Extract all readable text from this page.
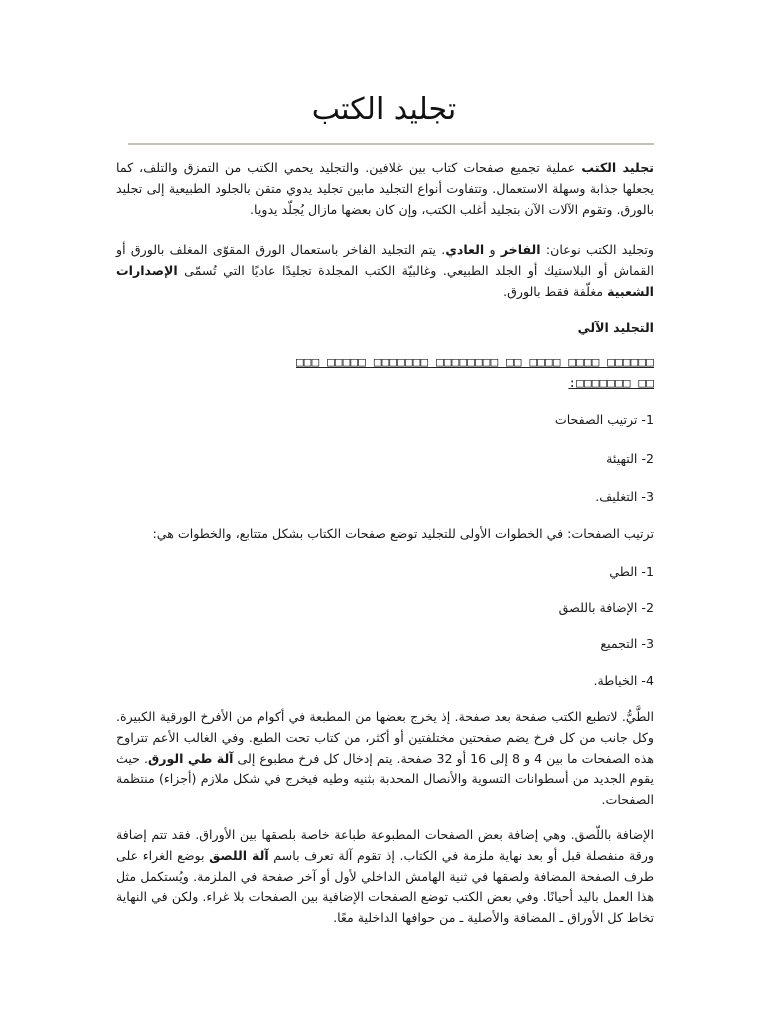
تجليد الكتب

تجليد الكتب عملية تجميع صفحات كتاب بين غلافين. والتجليد يحمي الكتب من التمزق والتلف، كما يجعلها جذابة وسهلة الاستعمال. وتتفاوت أنواع التجليد مابين تجليد يدوي متقن بالجلود الطبيعية إلى تجليد بالورق. وتقوم الآلات الآن بتجليد أغلب الكتب، وإن كان بعضها مازال يُجلّد يدويا.

وتجليد الكتب نوعان: الفاخر و العادي. يتم التجليد الفاخر باستعمال الورق المقوّى المغلف بالورق أو القماش أو البلاستيك أو الجلد الطبيعي. وغالبيّة الكتب المجلدة تجليدًا عاديًا التي تُسمّى الإصدارات الشعبية مغلّفة فقط بالورق.

التجليد الآلي
□□□□□□ □□□□ □□□□ □□ □□□□□□□□ □□□□□□□ □□□□□ □□□
□□ □□□□□□□:
1- ترتيب الصفحات
2- التهيئة
3- التغليف.
ترتيب الصفحات: في الخطوات الأولى للتجليد توضع صفحات الكتاب بشكل متتابع، والخطوات هي:
1- الطي
2- الإضافة باللصق
3- التجميع
4- الخياطة.

الطَّيُّ. لاتطبع الكتب صفحة بعد صفحة. إذ يخرج بعضها من المطبعة في أكوام من الأفرخ الورقية الكبيرة. وكل جانب من كل فرخ يضم صفحتين مختلفتين أو أكثر، من كتاب تحت الطبع. وفي الغالب الأعم تتراوح هذه الصفحات ما بين 4 و 8 إلى 16 أو 32 صفحة. يتم إدخال كل فرخ مطبوع إلى آلة طي الورق. حيث يقوم الجديد من أسطوانات التسوية والأنصال المحدبة بثنيه وطيه فيخرج في شكل ملازم (أجزاء) منتظمة الصفحات.

الإضافة باللّصق. وهي إضافة بعض الصفحات المطبوعة طباعة خاصة بلصقها بين الأوراق. فقد تتم إضافة ورقة منفصلة قبل أو بعد نهاية ملزمة في الكتاب. إذ تقوم آلة تعرف باسم آلة اللصق بوضع الغراء على طرف الصفحة المضافة ولصقها في ثنية الهامش الداخلي لأول أو آخر صفحة في الملزمة. ويُستكمل مثل هذا العمل باليد أحيانًا. وفي بعض الكتب توضع الصفحات الإضافية بين الصفحات بلا غراء. ولكن في النهاية تخاط كل الأوراق ـ المضافة والأصلية ـ من حوافها الداخلية معًا.
